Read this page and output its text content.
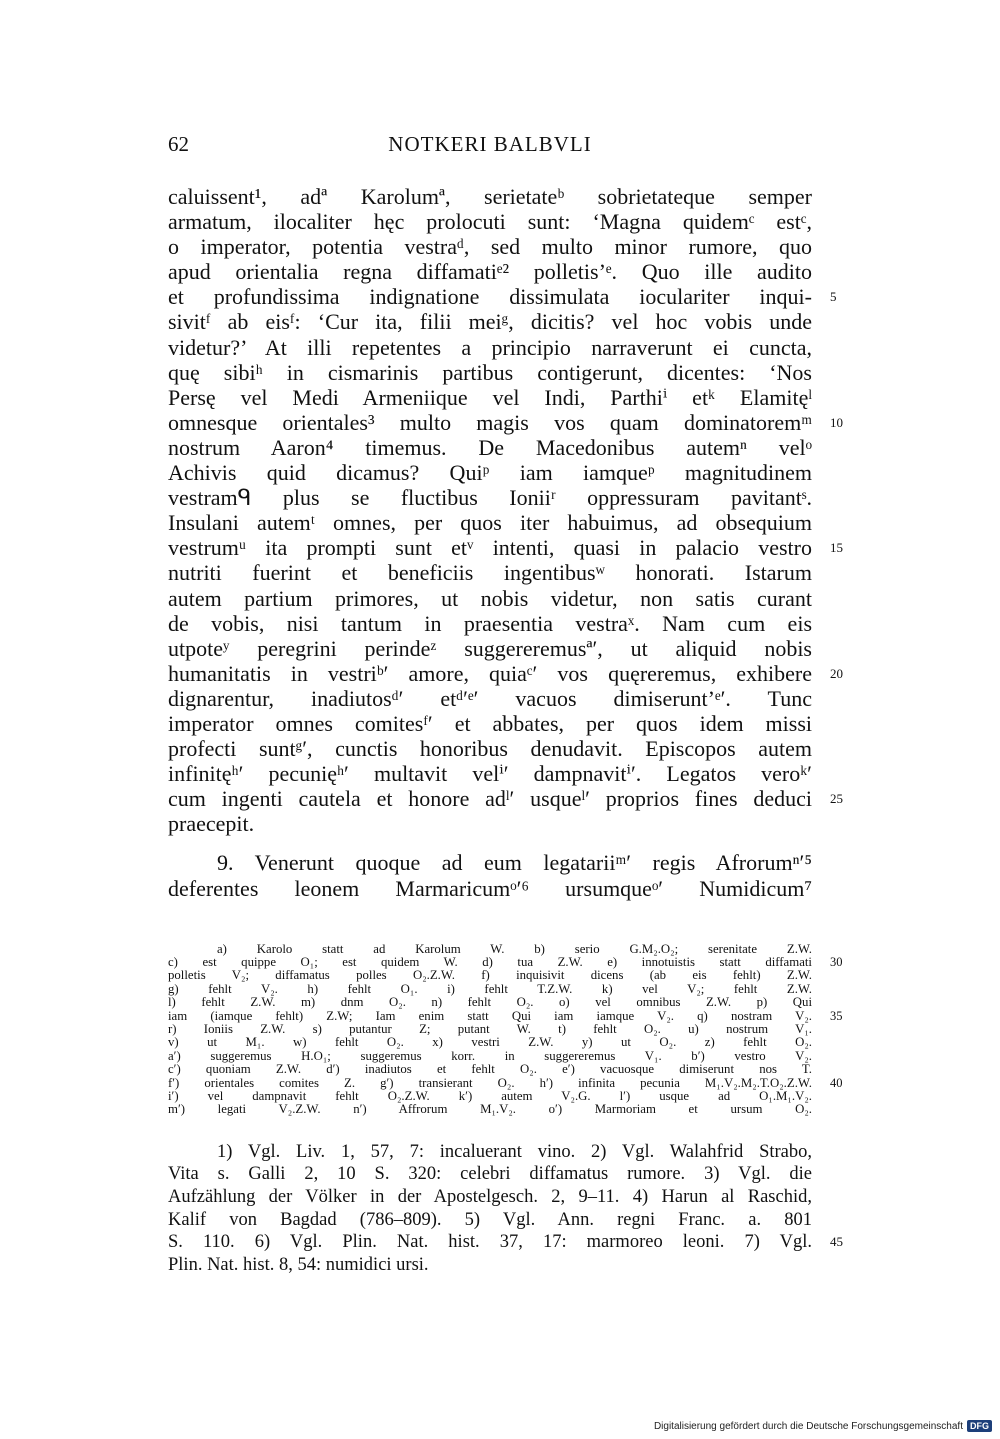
62	NOTKERI BALBVLI
caluissent¹, adª Karolumª, serietateᵇ sobrietateque semper
armatum, ilocaliter hęc prolocuti sunt: ‘Magna quidemᶜ estᶜ,
o imperator, potentia vestraᵈ, sed multo minor rumore, quo
apud orientalia regna diffamatiᵉ² polletis’ᵉ. Quo ille audito
et profundissima indignatione dissimulata ioculariter inqui- 5
sivitᶠ ab eisᶠ: ‘Cur ita, filii meiᵍ, dicitis? vel hoc vobis unde
videtur?’ At illi repetentes a principio narraverunt ei cuncta,
quę sibiʰ in cismarinis partibus contigerunt, dicentes: ‘Nos
Persę vel Medi Armeniique vel Indi, Parthiⁱ etᵏ Elamitęˡ
omnesque orientales³ multo magis vos quam dominatoremᵐ 10
nostrum Aaron⁴ timemus. De Macedonibus autemⁿ velᵒ
Achivis quid dicamus? Quiᵖ iam iamqueᵖ magnitudinem
vestramᑫ plus se fluctibus Ioniiʳ oppressuram pavitantˢ.
Insulani autemᵗ omnes, per quos iter habuimus, ad obsequium
vestrumᵘ ita prompti sunt etᵛ intenti, quasi in palacio vestro 15
nutriti fuerint et beneficiis ingentibusʷ honorati. Istarum
autem partium primores, ut nobis videtur, non satis curant
de vobis, nisi tantum in praesentia vestraˣ. Nam cum eis
utpoteʸ peregrini perindeᶻ suggereremusª′, ut aliquid nobis
humanitatis in vestriᵇ′ amore, quiaᶜ′ vos quęreremus, exhibere 20
dignarentur, inadiutosᵈ′ etᵈ′ᵉ′ vacuos dimiserunt’ᵉ′. Tunc
imperator omnes comitesᶠ′ et abbates, per quos idem missi
profecti suntᵍ′, cunctis honoribus denudavit. Episcopos autem
infinitęʰ′ pecunięʰ′ multavit velⁱ′ dampnavitⁱ′. Legatos veroᵏ′
cum ingenti cautela et honore adˡ′ usqueˡ′ proprios fines deduci 25
praecepit.
9. Venerunt quoque ad eum legatariiᵐ′ regis Afrorumⁿ′⁵
deferentes leonem Marmaricumᵒ′⁶ ursumqueᵒ′ Numidicum⁷
a) Karolo statt ad Karolum W. b) serio G.M₂.O₂; serenitate Z.W.
c) est quippe O₁; est quidem W. d) tua Z.W. e) innotuistis statt diffamati 30
polletis V₂; diffamatus polles O₂.Z.W. f) inquisivit dicens (ab eis fehlt) Z.W.
g) fehlt V₂. h) fehlt O₁. i) fehlt T.Z.W. k) vel V₂; fehlt Z.W.
l) fehlt Z.W. m) dnm O₂. n) fehlt O₂. o) vel omnibus Z.W. p) Qui
iam (iamque fehlt) Z.W; Iam enim statt Qui iam iamque V₂. q) nostram V₂. 35
r) Ioniis Z.W. s) putantur Z; putant W. t) fehlt O₂. u) nostrum V₁.
v) ut M₁. w) fehlt O₂. x) vestri Z.W. y) ut O₂. z) fehlt O₂.
a′) suggeremus H.O₁; suggeremus korr. in suggereremus V₁. b′) vestro V₂.
c′) quoniam Z.W. d′) inadiutos et fehlt O₂. e′) vacuosque dimiserunt nos T.
f′) orientales comites Z. g′) transierant O₂. h′) infinita pecunia M₁.V₂.M₂.T.O₂.Z.W. 40
i′) vel dampnavit fehlt O₂.Z.W. k′) autem V₂.G. l′) usque ad O₁.M₁.V₂.
m′) legati V₂.Z.W. n′) Affrorum M₁.V₂. o′) Marmoriam et ursum O₂.
1) Vgl. Liv. 1, 57, 7: incaluerant vino. 2) Vgl. Walahfrid Strabo,
Vita s. Galli 2, 10 S. 320: celebri diffamatus rumore. 3) Vgl. die
Aufzählung der Völker in der Apostelgesch. 2, 9–11. 4) Harun al Raschid,
Kalif von Bagdad (786–809). 5) Vgl. Ann. regni Franc. a. 801
S. 110. 6) Vgl. Plin. Nat. hist. 37, 17: marmoreo leoni. 7) Vgl. 45
Plin. Nat. hist. 8, 54: numidici ursi.
Digitalisierung gefördert durch die Deutsche Forschungsgemeinschaft DFG
